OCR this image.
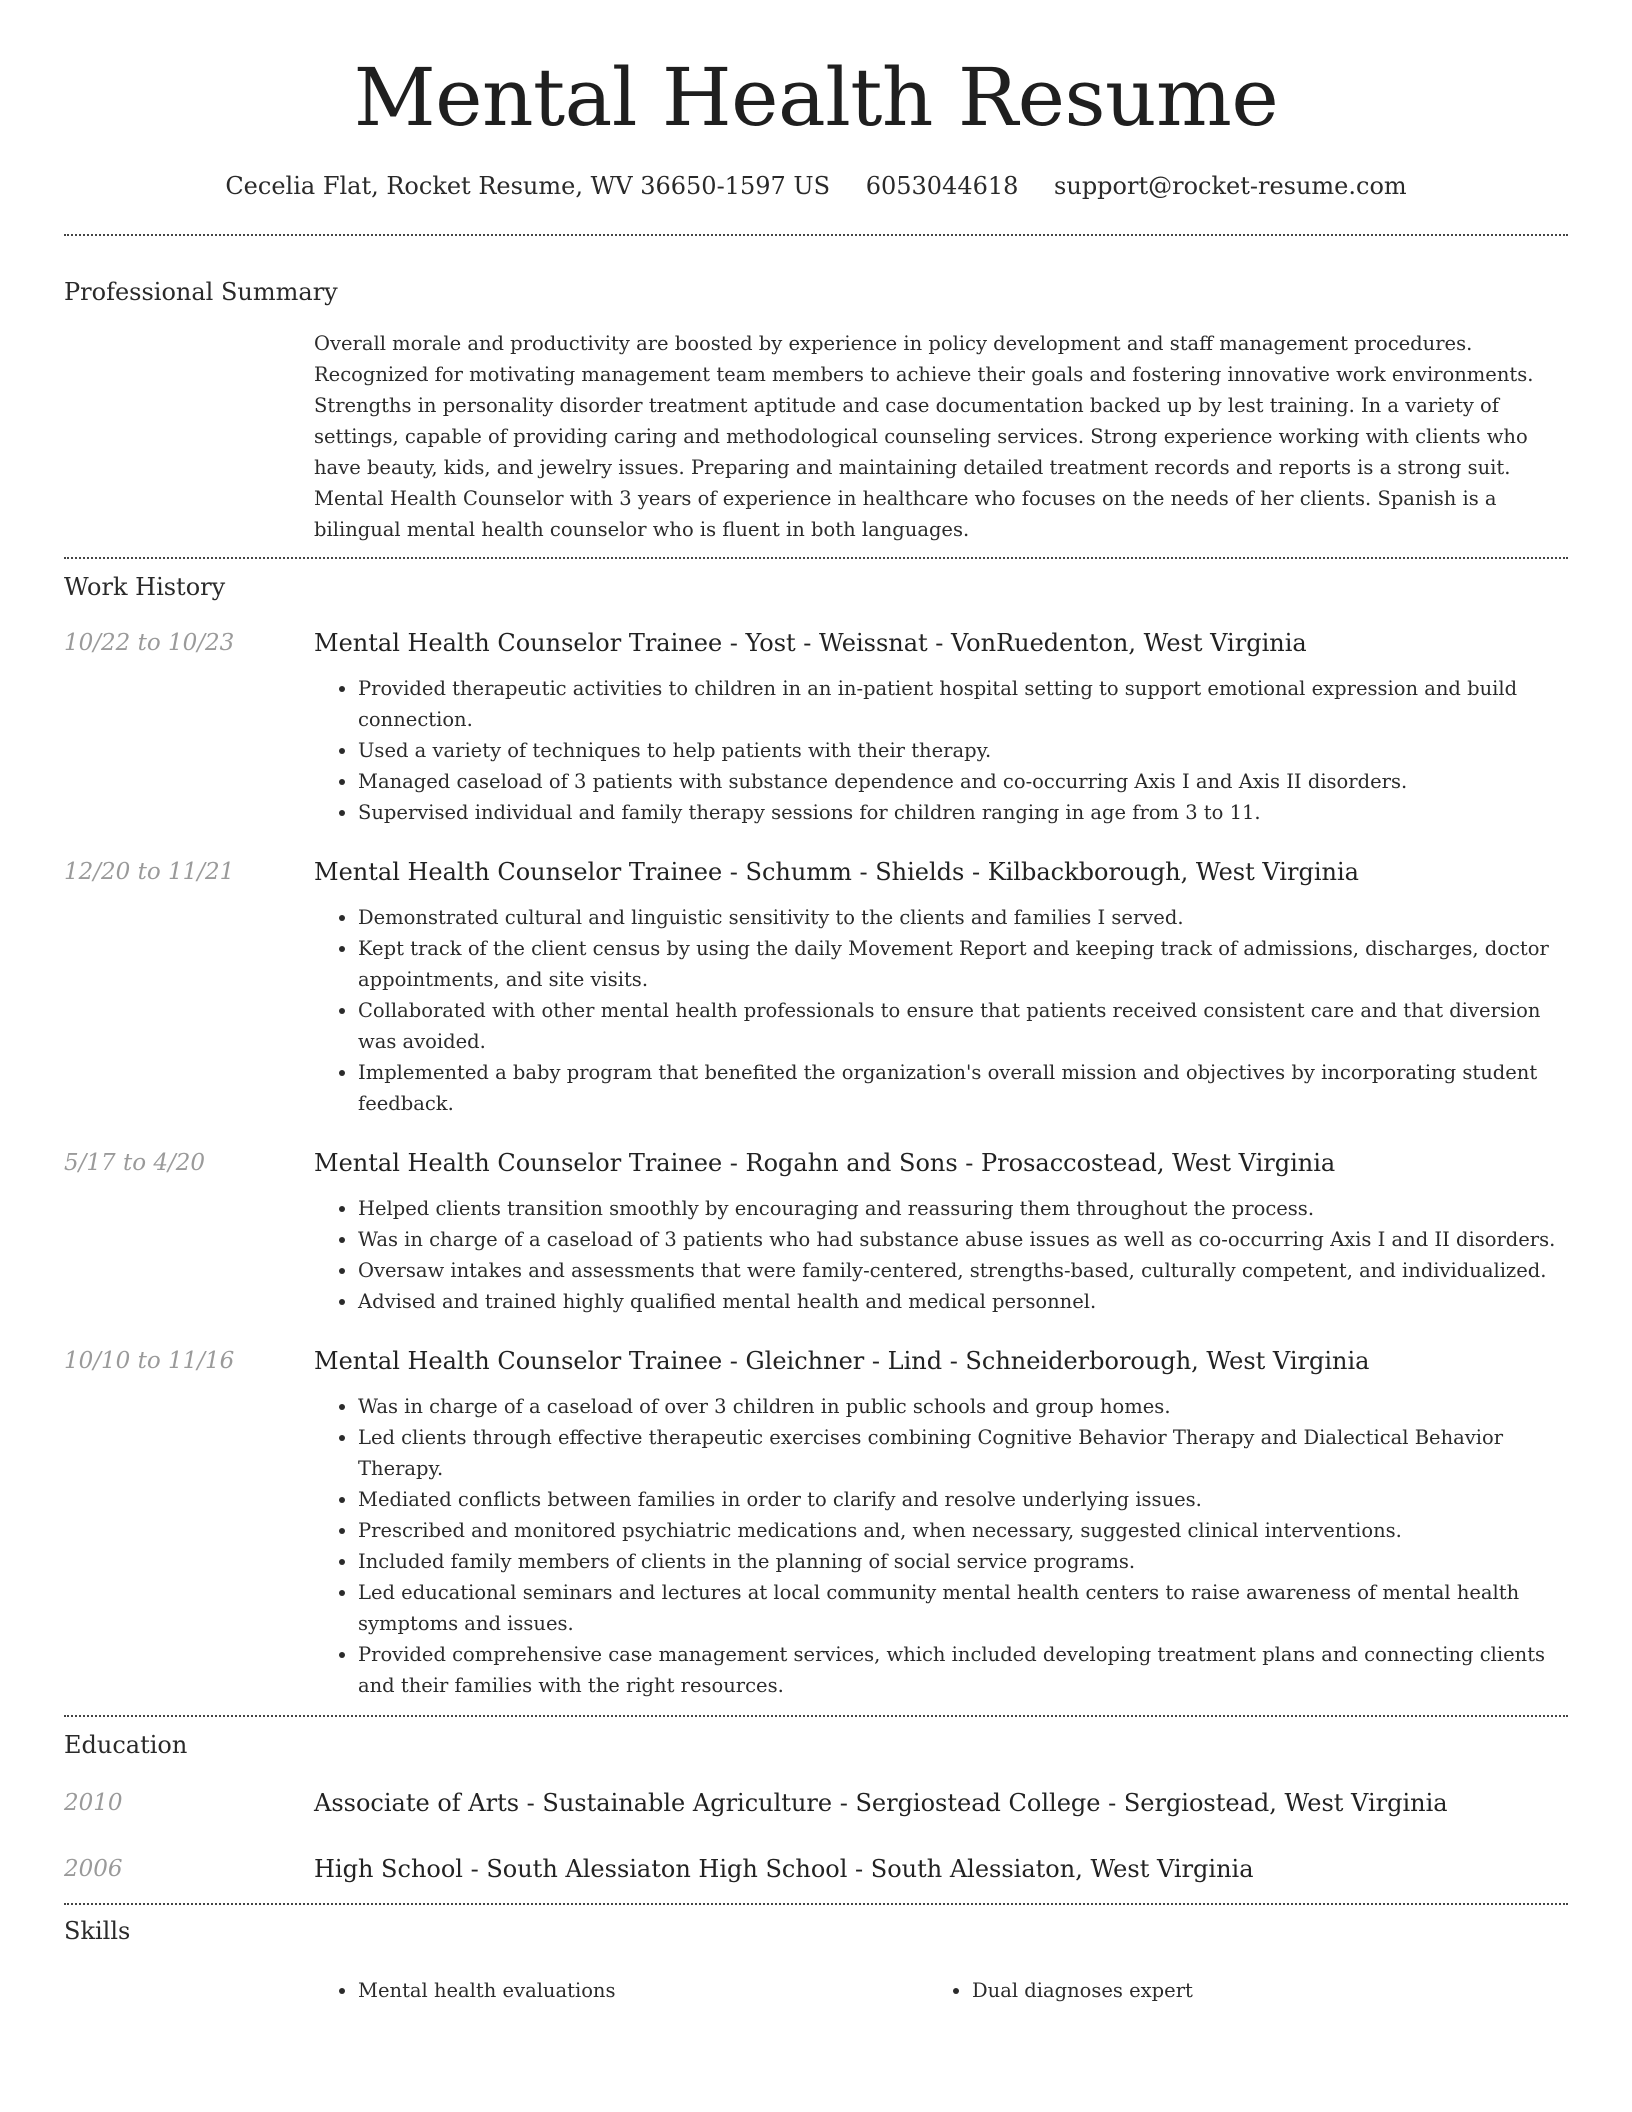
Mental Health Resume
Cecelia Flat, Rocket Resume, WV 36650-1597 US 6053044618 support@rocket-resume.com
Professional Summary

Overall morale and productivity are boosted by experience in policy development and staff management procedures. Recognized for motivating management team members to achieve their goals and fostering innovative work environments. Strengths in personality disorder treatment aptitude and case documentation backed up by lest training. In a variety of settings, capable of providing caring and methodological counseling services. Strong experience working with clients who have beauty, kids, and jewelry issues. Preparing and maintaining detailed treatment records and reports is a strong suit. Mental Health Counselor with 3 years of experience in healthcare who focuses on the needs of her clients. Spanish is a bilingual mental health counselor who is fluent in both languages.

Work History
10/22 to 10/23	Mental Health Counselor Trainee - Yost - Weissnat - VonRuedenton, West Virginia
• Provided therapeutic activities to children in an in-patient hospital setting to support emotional expression and build connection.
• Used a variety of techniques to help patients with their therapy.
• Managed caseload of 3 patients with substance dependence and co-occurring Axis I and Axis II disorders.
• Supervised individual and family therapy sessions for children ranging in age from 3 to 11.
12/20 to 11/21	Mental Health Counselor Trainee - Schumm - Shields - Kilbackborough, West Virginia
• Demonstrated cultural and linguistic sensitivity to the clients and families I served.
• Kept track of the client census by using the daily Movement Report and keeping track of admissions, discharges, doctor appointments, and site visits.
• Collaborated with other mental health professionals to ensure that patients received consistent care and that diversion was avoided.
• Implemented a baby program that benefited the organization's overall mission and objectives by incorporating student feedback.
5/17 to 4/20	Mental Health Counselor Trainee - Rogahn and Sons - Prosaccostead, West Virginia
• Helped clients transition smoothly by encouraging and reassuring them throughout the process.
• Was in charge of a caseload of 3 patients who had substance abuse issues as well as co-occurring Axis I and II disorders.
• Oversaw intakes and assessments that were family-centered, strengths-based, culturally competent, and individualized.
• Advised and trained highly qualified mental health and medical personnel.
10/10 to 11/16	Mental Health Counselor Trainee - Gleichner - Lind - Schneiderborough, West Virginia
• Was in charge of a caseload of over 3 children in public schools and group homes.
• Led clients through effective therapeutic exercises combining Cognitive Behavior Therapy and Dialectical Behavior Therapy.
• Mediated conflicts between families in order to clarify and resolve underlying issues.
• Prescribed and monitored psychiatric medications and, when necessary, suggested clinical interventions.
• Included family members of clients in the planning of social service programs.
• Led educational seminars and lectures at local community mental health centers to raise awareness of mental health symptoms and issues.
• Provided comprehensive case management services, which included developing treatment plans and connecting clients and their families with the right resources.
Education
2010	Associate of Arts - Sustainable Agriculture - Sergiostead College - Sergiostead, West Virginia
2006	High School - South Alessiaton High School - South Alessiaton, West Virginia
Skills
• Mental health evaluations
•	Dual diagnoses expert
